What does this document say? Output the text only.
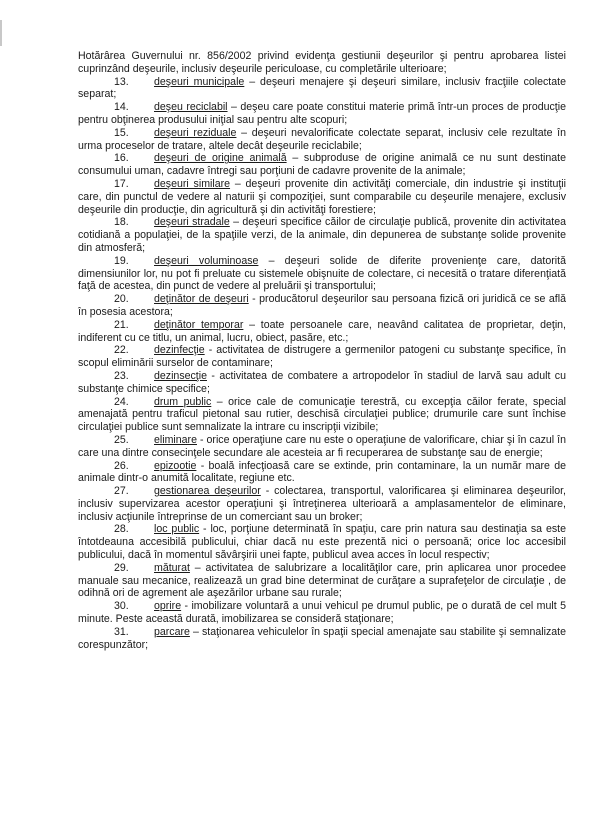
Hotărârea Guvernului nr. 856/2002 privind evidenţa gestiunii deşeurilor şi pentru aprobarea listei cuprinzând deşeurile, inclusiv deşeurile periculoase, cu completările ulterioare;

13. deşeuri municipale – deşeuri menajere şi deşeuri similare, inclusiv fracţiile colectate separat;

14. deşeu reciclabil – deşeu care poate constitui materie primă într-un proces de producţie pentru obţinerea produsului iniţial sau pentru alte scopuri;

15. deşeuri reziduale – deşeuri nevalorificate colectate separat, inclusiv cele rezultate în urma proceselor de tratare, altele decât deşeurile reciclabile;

16. deşeuri de origine animală – subproduse de origine animală ce nu sunt destinate consumului uman, cadavre întregi sau porţiuni de cadavre provenite de la animale;

17. deşeuri similare – deşeuri provenite din activităţi comerciale, din industrie şi instituţii care, din punctul de vedere al naturii şi compoziţiei, sunt comparabile cu deşeurile menajere, exclusiv deşeurile din producţie, din agricultură şi din activităţi forestiere;

18. deşeuri stradale – deşeuri specifice căilor de circulaţie publică, provenite din activitatea cotidiană a populaţiei, de la spaţiile verzi, de la animale, din depunerea de substanţe solide provenite din atmosferă;

19. deşeuri voluminoase – deşeuri solide de diferite provenienţe care, datorită dimensiunilor lor, nu pot fi preluate cu sistemele obişnuite de colectare, ci necesită o tratare diferenţiată faţă de acestea, din punct de vedere al preluării şi transportului;

20. deţinător de deşeuri - producătorul deşeurilor sau persoana fizică ori juridică ce se află în posesia acestora;

21. deţinător temporar – toate persoanele care, neavând calitatea de proprietar, deţin, indiferent cu ce titlu, un animal, lucru, obiect, pasăre, etc.;

22. dezinfecţie - activitatea de distrugere a germenilor patogeni cu substanţe specifice, în scopul eliminării surselor de contaminare;

23. dezinsecţie - activitatea de combatere a artropodelor în stadiul de larvă sau adult cu substanţe chimice specifice;

24. drum public – orice cale de comunicaţie terestră, cu excepţia căilor ferate, special amenajată pentru traficul pietonal sau rutier, deschisă circulaţiei publice; drumurile care sunt închise circulaţiei publice sunt semnalizate la intrare cu inscripţii vizibile;

25. eliminare - orice operaţiune care nu este o operaţiune de valorificare, chiar şi în cazul în care una dintre consecinţele secundare ale acesteia ar fi recuperarea de substanţe sau de energie;

26. epizootie - boală infecţioasă care se extinde, prin contaminare, la un număr mare de animale dintr-o anumită localitate, regiune etc.

27. gestionarea deşeurilor - colectarea, transportul, valorificarea şi eliminarea deşeurilor, inclusiv supervizarea acestor operaţiuni şi întreţinerea ulterioară a amplasamentelor de eliminare, inclusiv acţiunile întreprinse de un comerciant sau un broker;

28. loc public - loc, porţiune determinată în spaţiu, care prin natura sau destinaţia sa este întotdeauna accesibilă publicului, chiar dacă nu este prezentă nici o persoană; orice loc accesibil publicului, dacă în momentul săvârşirii unei fapte, publicul avea acces în locul respectiv;

29. măturat – activitatea de salubrizare a localităţilor care, prin aplicarea unor procedee manuale sau mecanice, realizează un grad bine determinat de curăţare a suprafeţelor de circulaţie , de odihnă ori de agrement ale aşezărilor urbane sau rurale;

30. oprire - imobilizare voluntară a unui vehicul pe drumul public, pe o durată de cel mult 5 minute. Peste această durată, imobilizarea se consideră staţionare;

31. parcare – staţionarea vehiculelor în spaţii special amenajate sau stabilite şi semnalizate corespunzător;
